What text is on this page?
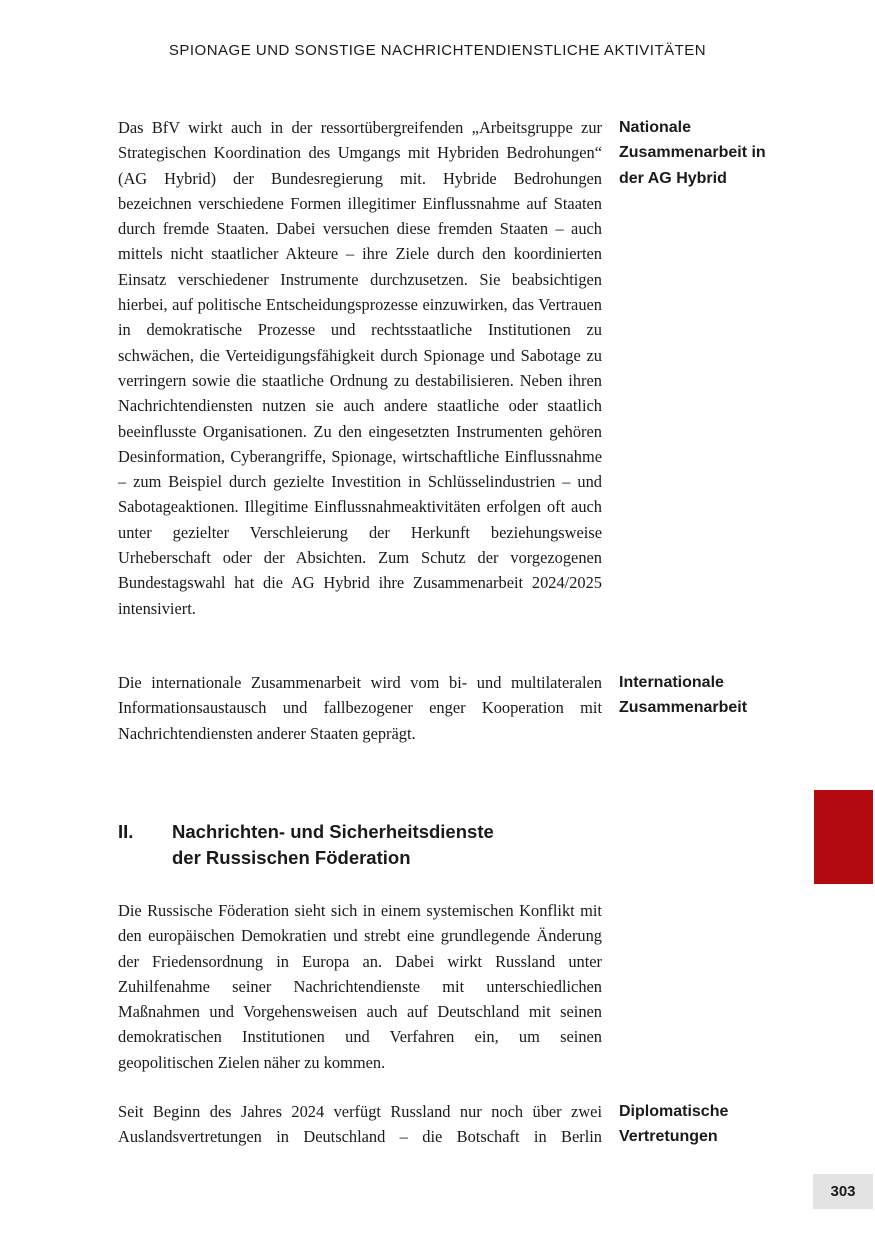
SPIONAGE UND SONSTIGE NACHRICHTENDIENSTLICHE AKTIVITÄTEN

Das BfV wirkt auch in der ressortübergreifenden „Arbeitsgruppe zur Strategischen Koordination des Umgangs mit Hybriden Bedrohungen“ (AG Hybrid) der Bundesregierung mit. Hybride Bedrohungen bezeichnen verschiedene Formen illegitimer Einflussnahme auf Staaten durch fremde Staaten. Dabei versuchen diese fremden Staaten – auch mittels nicht staatlicher Akteure – ihre Ziele durch den koordinierten Einsatz verschiedener Instrumente durchzusetzen. Sie beabsichtigen hierbei, auf politische Entscheidungsprozesse einzuwirken, das Vertrauen in demokratische Prozesse und rechtsstaatliche Institutionen zu schwächen, die Verteidigungsfähigkeit durch Spionage und Sabotage zu verringern sowie die staatliche Ordnung zu destabilisieren. Neben ihren Nachrichtendiensten nutzen sie auch andere staatliche oder staatlich beeinflusste Organisationen. Zu den eingesetzten Instrumenten gehören Desinformation, Cyberangriffe, Spionage, wirtschaftliche Einflussnahme – zum Beispiel durch gezielte Investition in Schlüsselindustrien – und Sabotageaktionen. Illegitime Einflussnahmeaktivitäten erfolgen oft auch unter gezielter Verschleierung der Herkunft beziehungsweise Urheberschaft oder der Absichten. Zum Schutz der vorgezogenen Bundestagswahl hat die AG Hybrid ihre Zusammenarbeit 2024/2025 intensiviert.

Nationale Zusammenarbeit in der AG Hybrid

Die internationale Zusammenarbeit wird vom bi- und multilateralen Informationsaustausch und fallbezogener enger Kooperation mit Nachrichtendiensten anderer Staaten geprägt.

Internationale Zusammenarbeit
II.	Nachrichten- und Sicherheitsdienste
der Russischen Föderation

Die Russische Föderation sieht sich in einem systemischen Konflikt mit den europäischen Demokratien und strebt eine grundlegende Änderung der Friedensordnung in Europa an. Dabei wirkt Russland unter Zuhilfenahme seiner Nachrichtendienste mit unterschiedlichen Maßnahmen und Vorgehensweisen auch auf Deutschland mit seinen demokratischen Institutionen und Verfahren ein, um seinen geopolitischen Zielen näher zu kommen.

Seit Beginn des Jahres 2024 verfügt Russland nur noch über zwei Auslandsvertretungen in Deutschland – die Botschaft in Berlin

Diplomatische Vertretungen
303
